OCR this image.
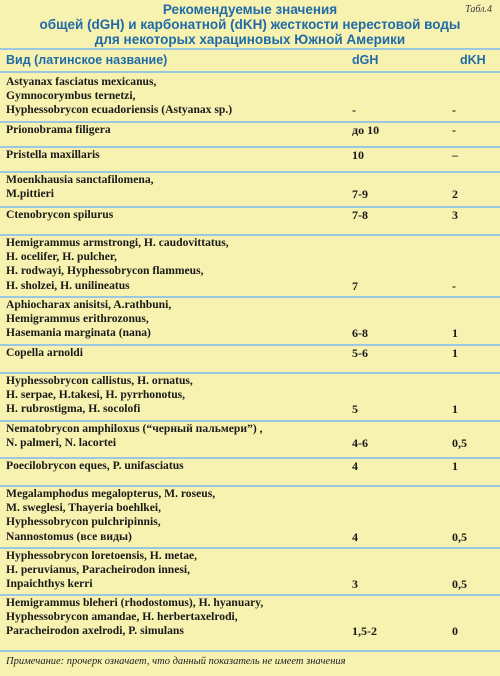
Табл.4
Рекомендуемые значения
общей (dGH) и карбонатной (dKH) жесткости нерестовой воды
для некоторых харациновых Южной Америки
Вид (латинское название)	dGH	dKH
Astyanax fasciatus mexicanus,
Gymnocorymbus ternetzi,
Hyphessobrycon ecuadoriensis (Astyanax sp.)	-	-
Prionobrama filigera	до 10	-
Pristella maxillaris	10	–
Moenkhausia sanctafilomena,
M.pittieri	7-9	2
Ctenobrycon spilurus	7-8	3
Hemigrammus armstrongi, H. caudovittatus,
H. ocelifer, H. pulcher,
H. rodwayi, Hyphessobrycon flammeus,
H. sholzei, H. unilineatus	7	-
Aphiocharax anisitsi, A.rathbuni,
Hemigrammus erithrozonus,
Hasemania marginata (nana)	6-8	1
Copella arnoldi	5-6	1
Hyphessobrycon callistus, H. ornatus,
H. serpae, H.takesi, H. pyrrhonotus,
H. rubrostigma, H. socolofi	5	1
Nematobrycon amphiloxus (“черный пальмери”) ,
N. palmeri, N. lacortei	4-6	0,5
Poecilobrycon eques, P. unifasciatus	4	1
Megalamphodus megalopterus, M. roseus,
M. sweglesi, Thayeria boehlkei,
Hyphessobrycon pulchripinnis,
Nannostomus (все виды)	4	0,5
Hyphessobrycon loretoensis, H. metae,
H. peruvianus, Paracheirodon innesi,
Inpaichthys kerri	3	0,5
Hemigrammus bleheri (rhodostomus), H. hyanuary,
Hyphessobrycon amandae, H. herbertaxelrodi,
Paracheirodon axelrodi, P. simulans	1,5-2	0
Примечание: прочерк означает, что данный показатель не имеет значения
